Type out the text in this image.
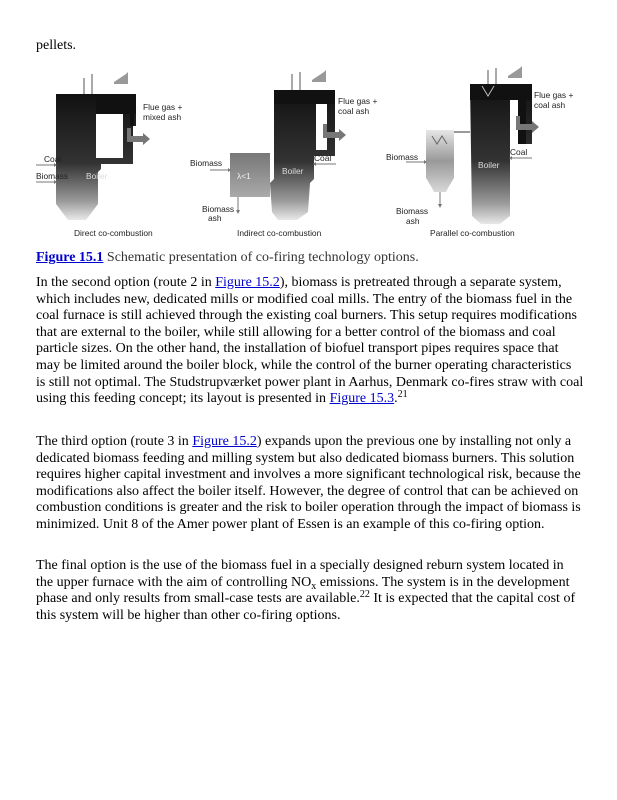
pellets.

Flue gas +
mixed ash
Coal
Biomass Boiler
Direct co-combustion
Flue gas +
coal ash
λ<1
Biomass
Biomass
ash
Coal
Boiler
Indirect co-combustion
Flue gas +
coal ash
Biomass
Biomass
ash
Coal
Boiler
Parallel co-combustion

Figure 15.1 Schematic presentation of co-firing technology options.

In the second option (route 2 in Figure 15.2), biomass is pretreated through a separate system, which includes new, dedicated mills or modified coal mills. The entry of the biomass fuel in the coal furnace is still achieved through the existing coal burners. This setup requires modifications that are external to the boiler, while still allowing for a better control of the biomass and coal particle sizes. On the other hand, the installation of biofuel transport pipes requires space that may be limited around the boiler block, while the control of the burner operating characteristics is still not optimal. The Studstrupværket power plant in Aarhus, Denmark co-fires straw with coal using this feeding concept; its layout is presented in Figure 15.3.21

The third option (route 3 in Figure 15.2) expands upon the previous one by installing not only a dedicated biomass feeding and milling system but also dedicated biomass burners. This solution requires higher capital investment and involves a more significant technological risk, because the modifications also affect the boiler itself. However, the degree of control that can be achieved on combustion conditions is greater and the risk to boiler operation through the impact of biomass is minimized. Unit 8 of the Amer power plant of Essen is an example of this co-firing option.

The final option is the use of the biomass fuel in a specially designed reburn system located in the upper furnace with the aim of controlling $NO_x$ emissions. The system is in the development phase and only results from small-case tests are available.$^{22}$ It is expected that the capital cost of this system will be higher than other co-firing options.
